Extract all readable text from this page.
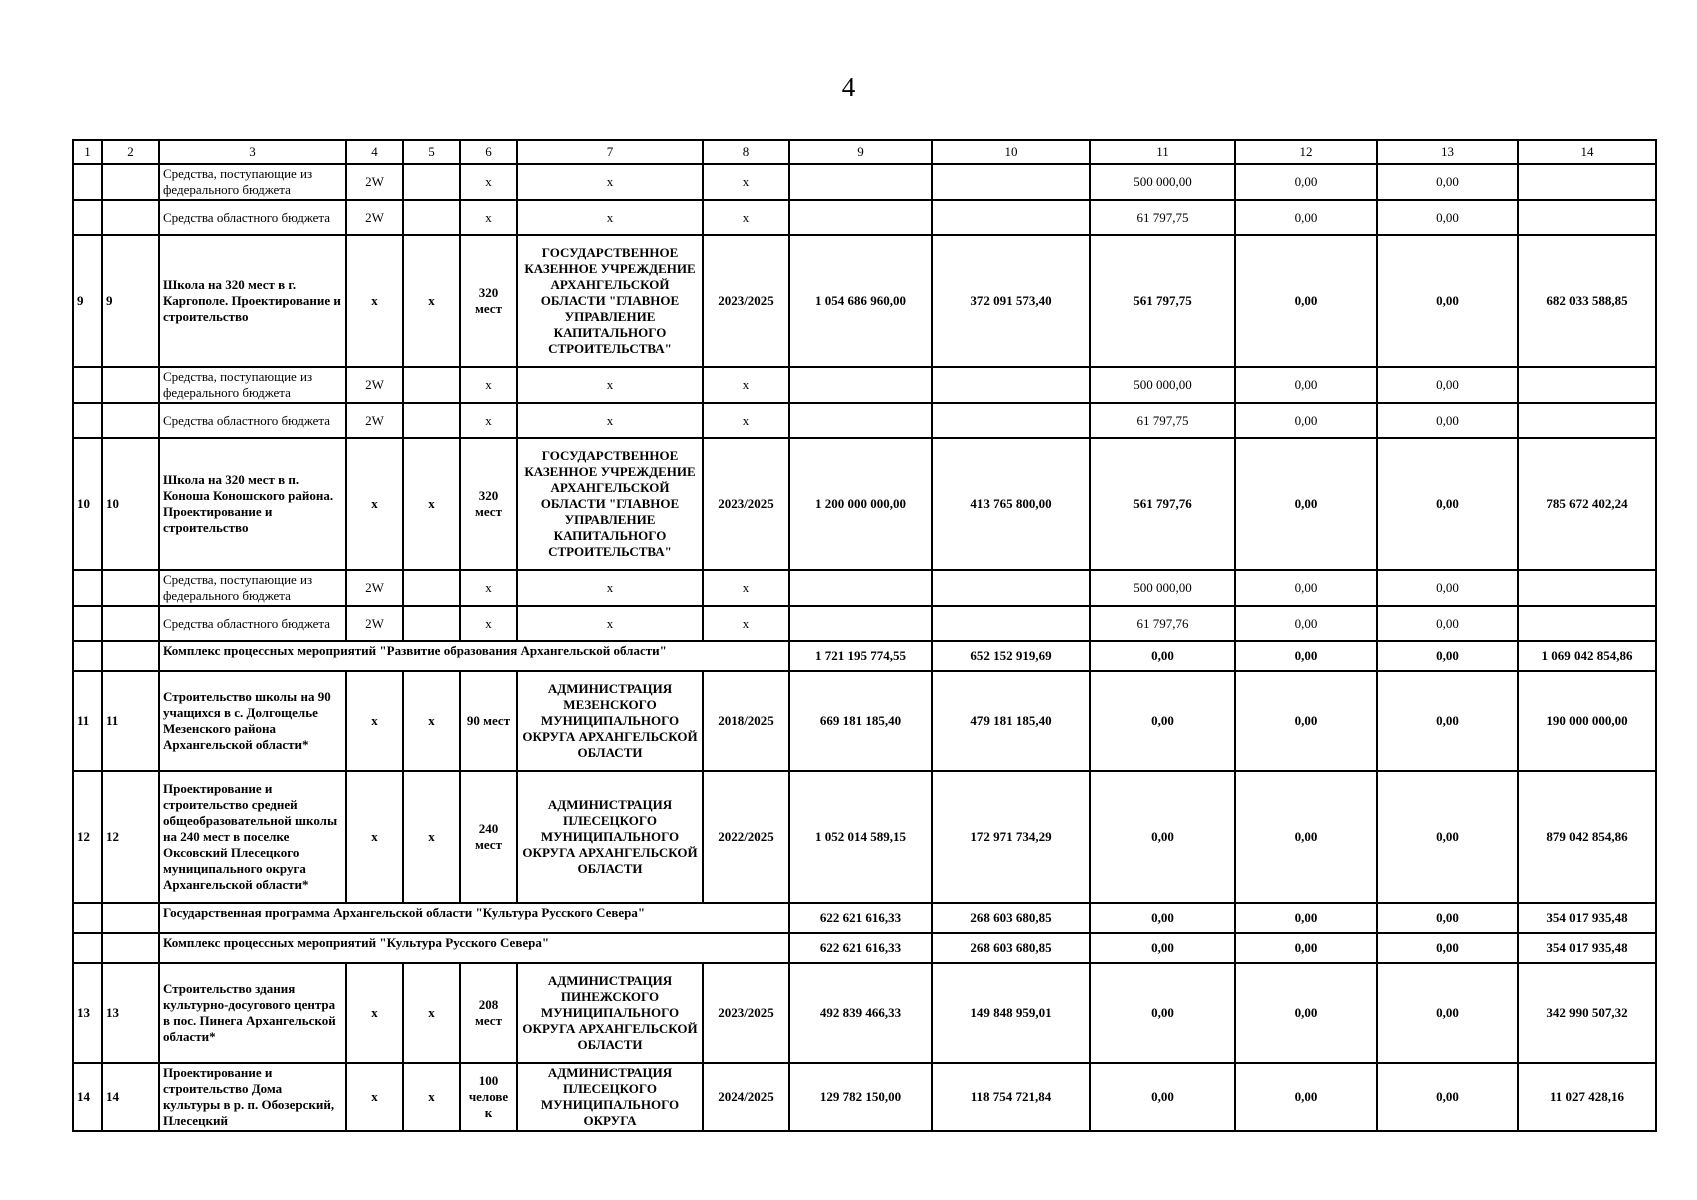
4
1	2	3	4	5	6	7	8	9	10	11	12	13	14
		Средства, поступающие из федерального бюджета	2W		x	x	x			500 000,00	0,00	0,00	
		Средства областного бюджета	2W		x	x	x			61 797,75	0,00	0,00	
9	9	Школа на 320 мест в г. Каргополе. Проектирование и строительство	x	x	320 мест	ГОСУДАРСТВЕННОЕ КАЗЕННОЕ УЧРЕЖДЕНИЕ АРХАНГЕЛЬСКОЙ ОБЛАСТИ "ГЛАВНОЕ УПРАВЛЕНИЕ КАПИТАЛЬНОГО СТРОИТЕЛЬСТВА"	2023/2025	1 054 686 960,00	372 091 573,40	561 797,75	0,00	0,00	682 033 588,85
		Средства, поступающие из федерального бюджета	2W		x	x	x			500 000,00	0,00	0,00	
		Средства областного бюджета	2W		x	x	x			61 797,75	0,00	0,00	
10	10	Школа на 320 мест в п. Коноша Коношского района. Проектирование и строительство	x	x	320 мест	ГОСУДАРСТВЕННОЕ КАЗЕННОЕ УЧРЕЖДЕНИЕ АРХАНГЕЛЬСКОЙ ОБЛАСТИ "ГЛАВНОЕ УПРАВЛЕНИЕ КАПИТАЛЬНОГО СТРОИТЕЛЬСТВА"	2023/2025	1 200 000 000,00	413 765 800,00	561 797,76	0,00	0,00	785 672 402,24
		Средства, поступающие из федерального бюджета	2W		x	x	x			500 000,00	0,00	0,00	
		Средства областного бюджета	2W		x	x	x			61 797,76	0,00	0,00	
		Комплекс процессных мероприятий "Развитие образования Архангельской области"						1 721 195 774,55	652 152 919,69	0,00	0,00	0,00	1 069 042 854,86
11	11	Строительство школы на 90 учащихся в с. Долгощелье Мезенского района Архангельской области*	x	x	90 мест	АДМИНИСТРАЦИЯ МЕЗЕНСКОГО МУНИЦИПАЛЬНОГО ОКРУГА АРХАНГЕЛЬСКОЙ ОБЛАСТИ	2018/2025	669 181 185,40	479 181 185,40	0,00	0,00	0,00	190 000 000,00
12	12	Проектирование и строительство средней общеобразовательной школы на 240 мест в поселке Оксовский Плесецкого муниципального округа Архангельской области*	x	x	240 мест	АДМИНИСТРАЦИЯ ПЛЕСЕЦКОГО МУНИЦИПАЛЬНОГО ОКРУГА АРХАНГЕЛЬСКОЙ ОБЛАСТИ	2022/2025	1 052 014 589,15	172 971 734,29	0,00	0,00	0,00	879 042 854,86
		Государственная программа Архангельской области "Культура Русского Севера"						622 621 616,33	268 603 680,85	0,00	0,00	0,00	354 017 935,48
		Комплекс процессных мероприятий "Культура Русского Севера"						622 621 616,33	268 603 680,85	0,00	0,00	0,00	354 017 935,48
13	13	Строительство здания культурно-досугового центра в пос. Пинега Архангельской области*	x	x	208 мест	АДМИНИСТРАЦИЯ ПИНЕЖСКОГО МУНИЦИПАЛЬНОГО ОКРУГА АРХАНГЕЛЬСКОЙ ОБЛАСТИ	2023/2025	492 839 466,33	149 848 959,01	0,00	0,00	0,00	342 990 507,32
14	14	Проектирование и строительство Дома культуры в р. п. Обозерский, Плесецкий	x	x	100 челове к	АДМИНИСТРАЦИЯ ПЛЕСЕЦКОГО МУНИЦИПАЛЬНОГО ОКРУГА	2024/2025	129 782 150,00	118 754 721,84	0,00	0,00	0,00	11 027 428,16
